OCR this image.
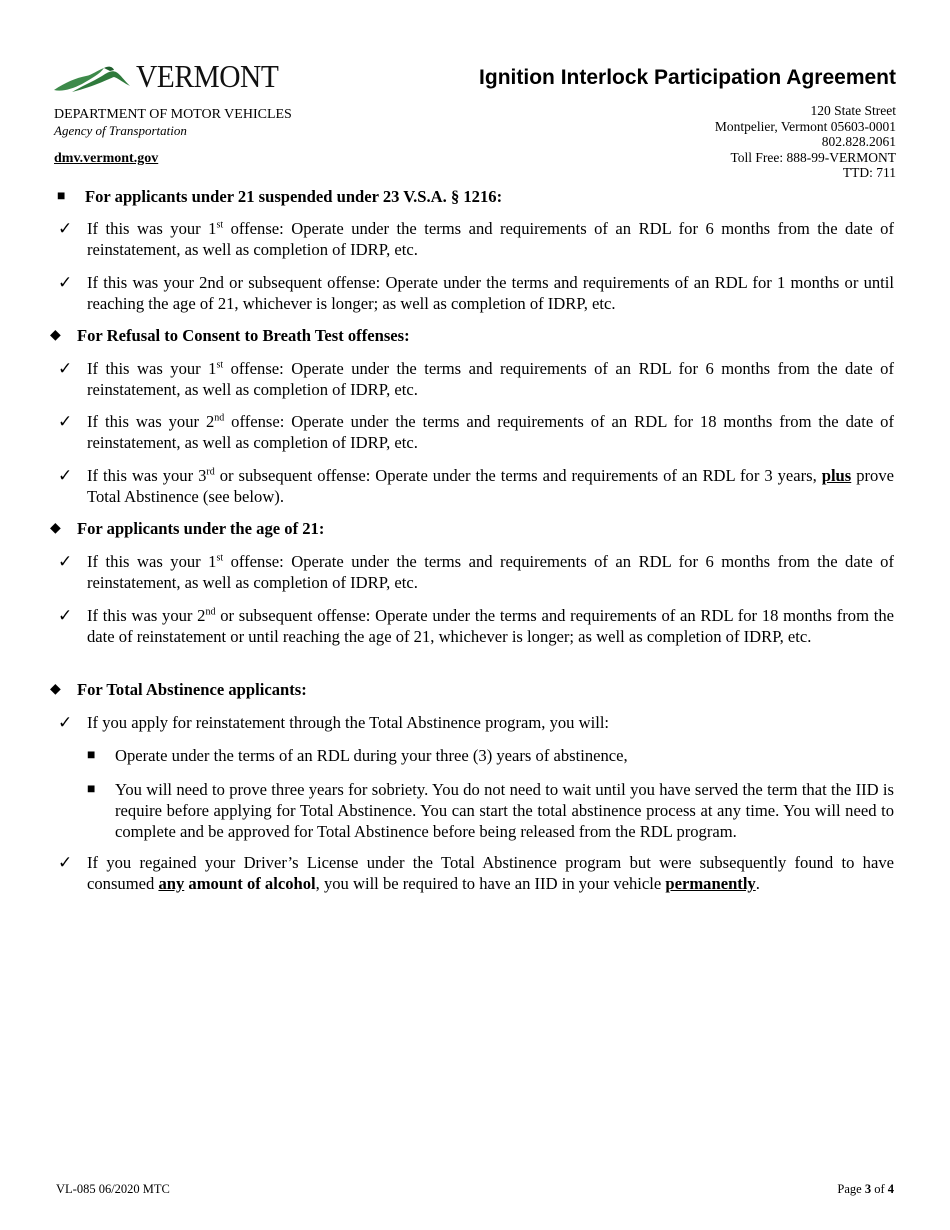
VERMONT
DEPARTMENT OF MOTOR VEHICLES
Agency of Transportation
dmv.vermont.gov
Ignition Interlock Participation Agreement
120 State Street
Montpelier, Vermont 05603-0001
802.828.2061
Toll Free: 888-99-VERMONT
TTD: 711
■ For applicants under 21 suspended under 23 V.S.A. § 1216:
✓ If this was your 1st offense: Operate under the terms and requirements of an RDL for 6 months from the date of reinstatement, as well as completion of IDRP, etc.
✓ If this was your 2nd or subsequent offense: Operate under the terms and requirements of an RDL for 1 months or until reaching the age of 21, whichever is longer; as well as completion of IDRP, etc.
◆ For Refusal to Consent to Breath Test offenses:
✓ If this was your 1st offense: Operate under the terms and requirements of an RDL for 6 months from the date of reinstatement, as well as completion of IDRP, etc.
✓ If this was your 2nd offense: Operate under the terms and requirements of an RDL for 18 months from the date of reinstatement, as well as completion of IDRP, etc.
✓ If this was your 3rd or subsequent offense: Operate under the terms and requirements of an RDL for 3 years, plus prove Total Abstinence (see below).
◆ For applicants under the age of 21:
✓ If this was your 1st offense: Operate under the terms and requirements of an RDL for 6 months from the date of reinstatement, as well as completion of IDRP, etc.
✓ If this was your 2nd or subsequent offense: Operate under the terms and requirements of an RDL for 18 months from the date of reinstatement or until reaching the age of 21, whichever is longer; as well as completion of IDRP, etc.
◆ For Total Abstinence applicants:
✓ If you apply for reinstatement through the Total Abstinence program, you will:
■ Operate under the terms of an RDL during your three (3) years of abstinence,
■ You will need to prove three years for sobriety. You do not need to wait until you have served the term that the IID is require before applying for Total Abstinence. You can start the total abstinence process at any time. You will need to complete and be approved for Total Abstinence before being released from the RDL program.
✓ If you regained your Driver’s License under the Total Abstinence program but were subsequently found to have consumed any amount of alcohol, you will be required to have an IID in your vehicle permanently.
VL-085 06/2020 MTC	Page 3 of 4
